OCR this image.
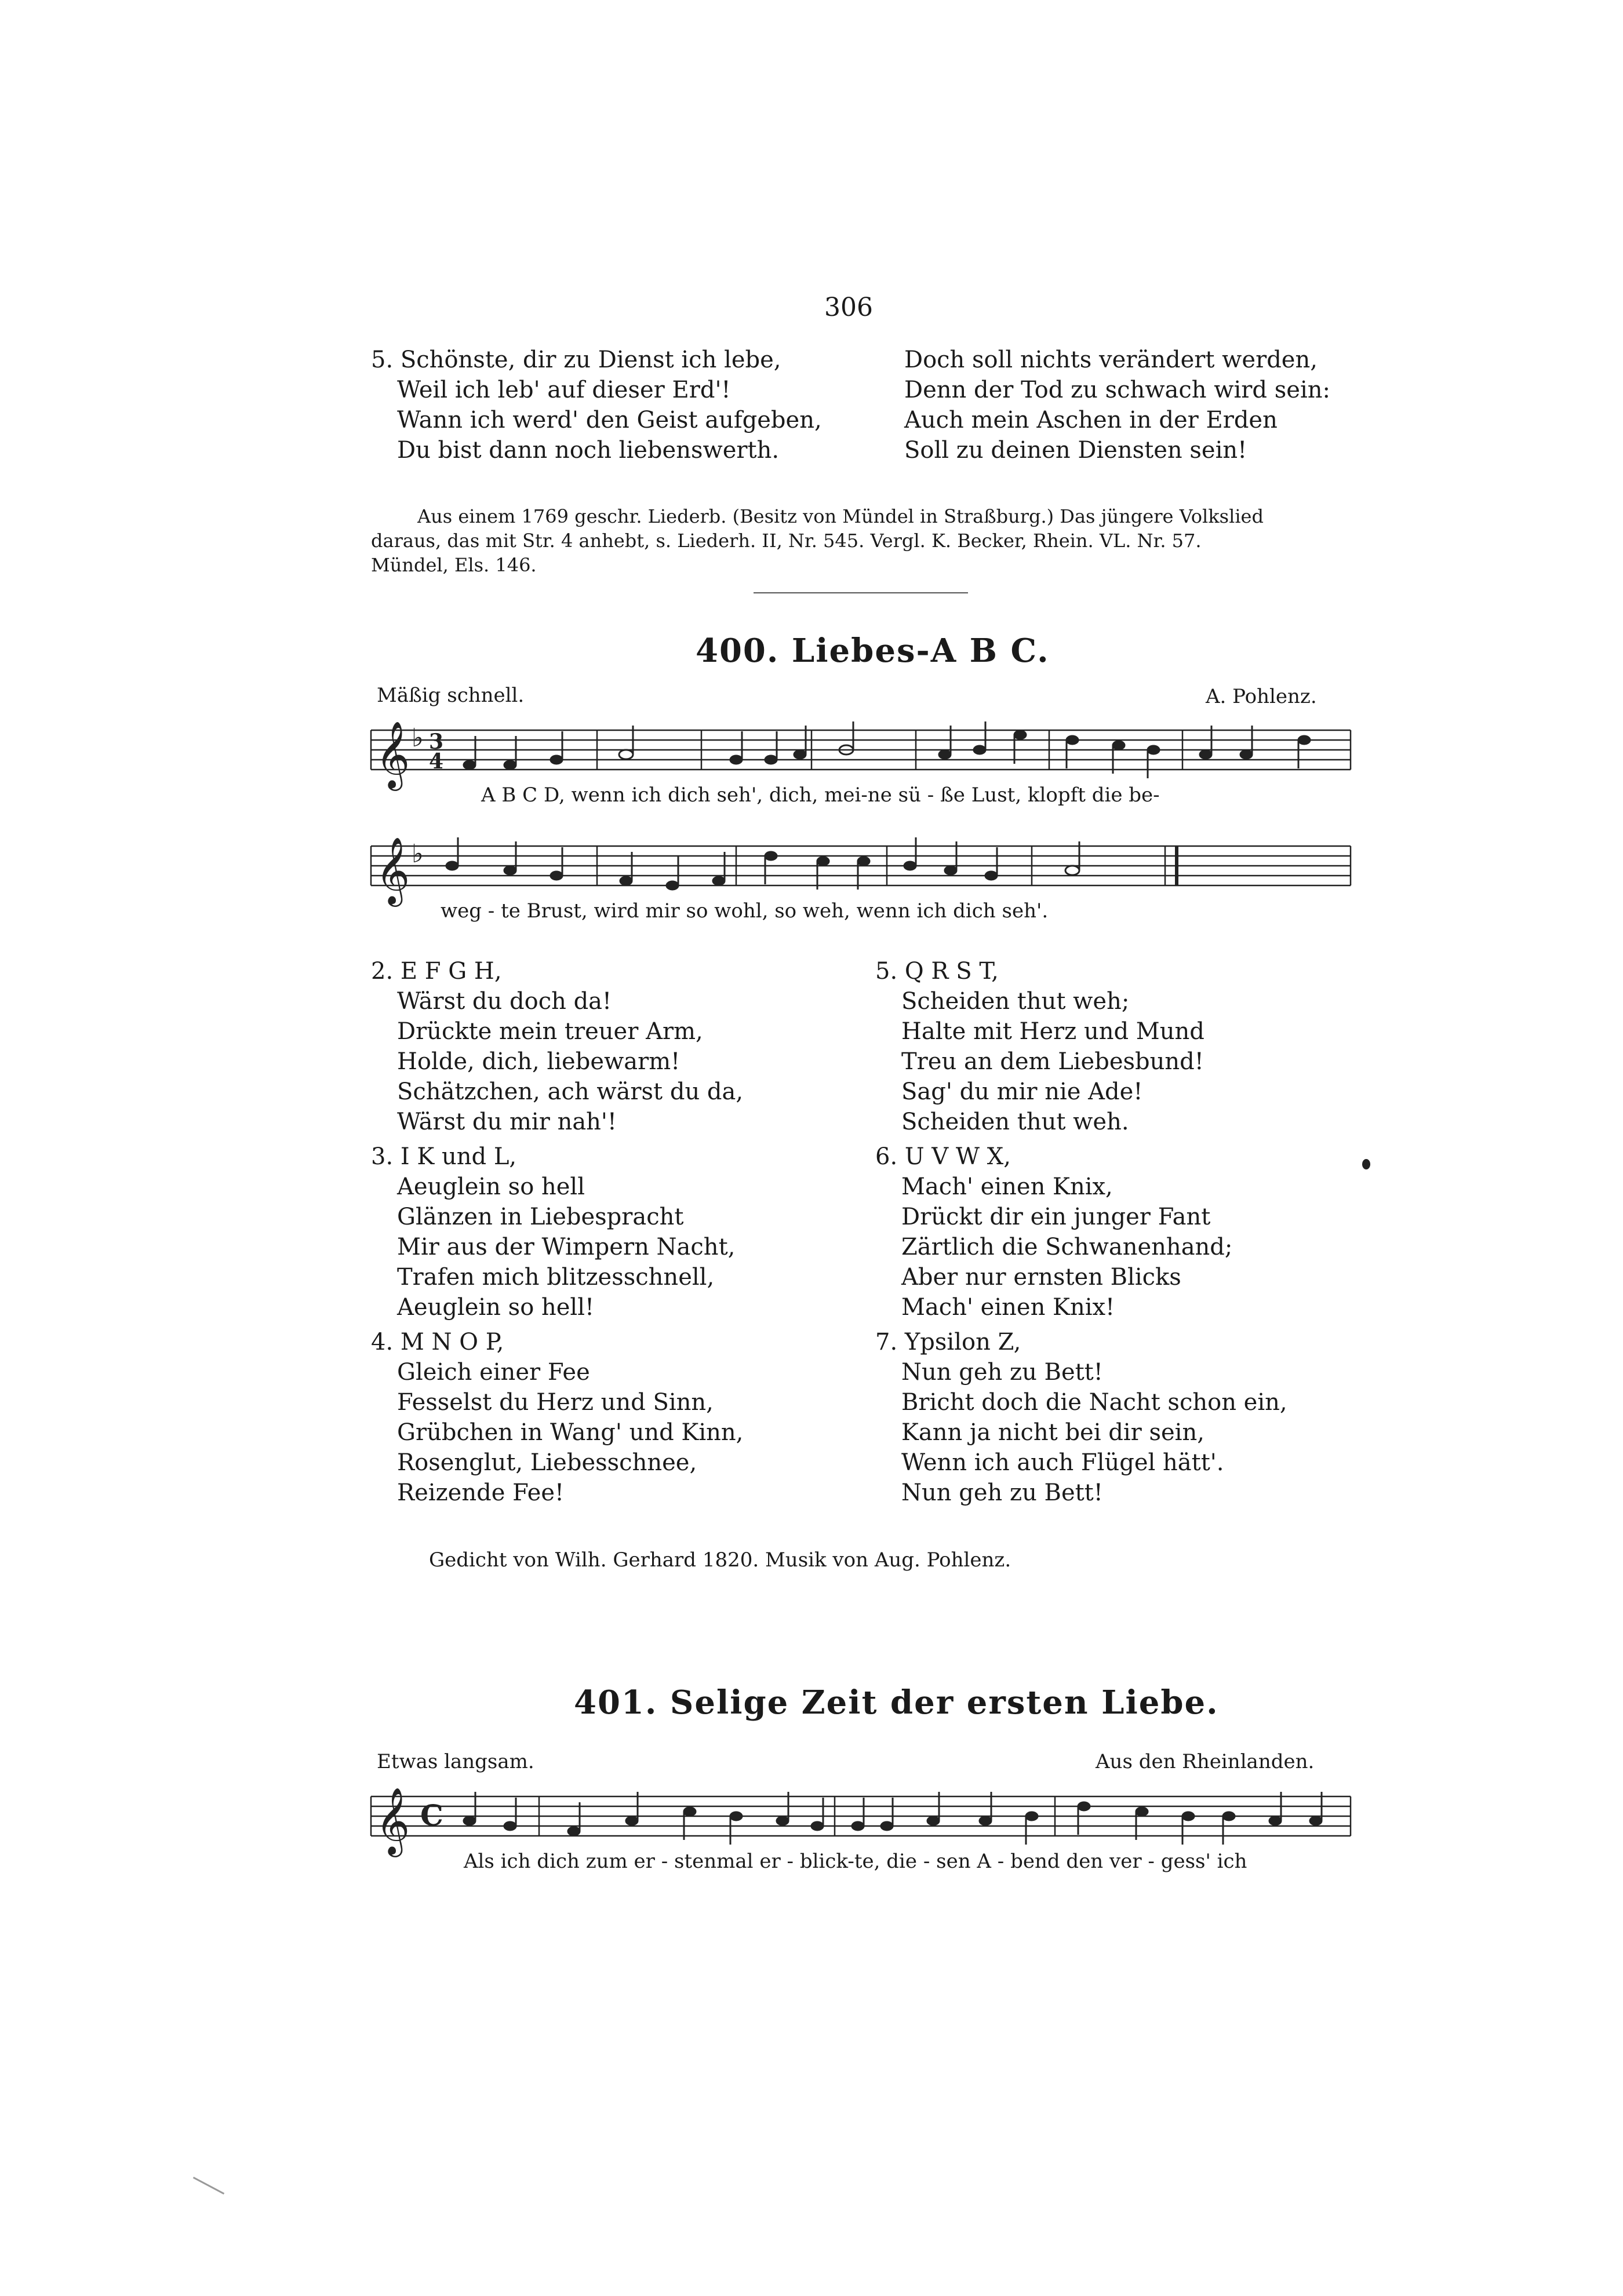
306
5. Schönste, dir zu Dienst ich lebe,
Weil ich leb' auf dieser Erd'!
Wann ich werd' den Geist aufgeben,
Du bist dann noch liebenswerth.
Doch soll nichts verändert werden,
Denn der Tod zu schwach wird sein:
Auch mein Aschen in der Erden
Soll zu deinen Diensten sein!
Aus einem 1769 geschr. Liederb. (Besitz von Mündel in Straßburg.) Das jüngere Volkslied
daraus, das mit Str. 4 anhebt, s. Liederh. II, Nr. 545. Vergl. K. Becker, Rhein. VL. Nr. 57.
Mündel, Els. 146.
400. Liebes-A B C.
Mäßig schnell.	A. Pohlenz.
𝄞 ♭ 3
4
A B C D, wenn ich dich seh', dich, mei-ne sü - ße Lust, klopft die be-
𝄞 ♭
weg - te Brust, wird mir so wohl, so weh, wenn ich dich seh'.
2. E F G H,
Wärst du doch da!
Drückte mein treuer Arm,
Holde, dich, liebewarm!
Schätzchen, ach wärst du da,
Wärst du mir nah'!
3. I K und L,
Aeuglein so hell
Glänzen in Liebespracht
Mir aus der Wimpern Nacht,
Trafen mich blitzesschnell,
Aeuglein so hell!
4. M N O P,
Gleich einer Fee
Fesselst du Herz und Sinn,
Grübchen in Wang' und Kinn,
Rosenglut, Liebesschnee,
Reizende Fee!
5. Q R S T,
Scheiden thut weh;
Halte mit Herz und Mund
Treu an dem Liebesbund!
Sag' du mir nie Ade!
Scheiden thut weh.
6. U V W X,
Mach' einen Knix,
Drückt dir ein junger Fant
Zärtlich die Schwanenhand;
Aber nur ernsten Blicks
Mach' einen Knix!
7. Ypsilon Z,
Nun geh zu Bett!
Bricht doch die Nacht schon ein,
Kann ja nicht bei dir sein,
Wenn ich auch Flügel hätt'.
Nun geh zu Bett!
Gedicht von Wilh. Gerhard 1820. Musik von Aug. Pohlenz.
401. Selige Zeit der ersten Liebe.
Etwas langsam.	Aus den Rheinlanden.
𝄞 C
Als ich dich zum er - stenmal er - blick-te, die - sen A - bend den ver - gess' ich
